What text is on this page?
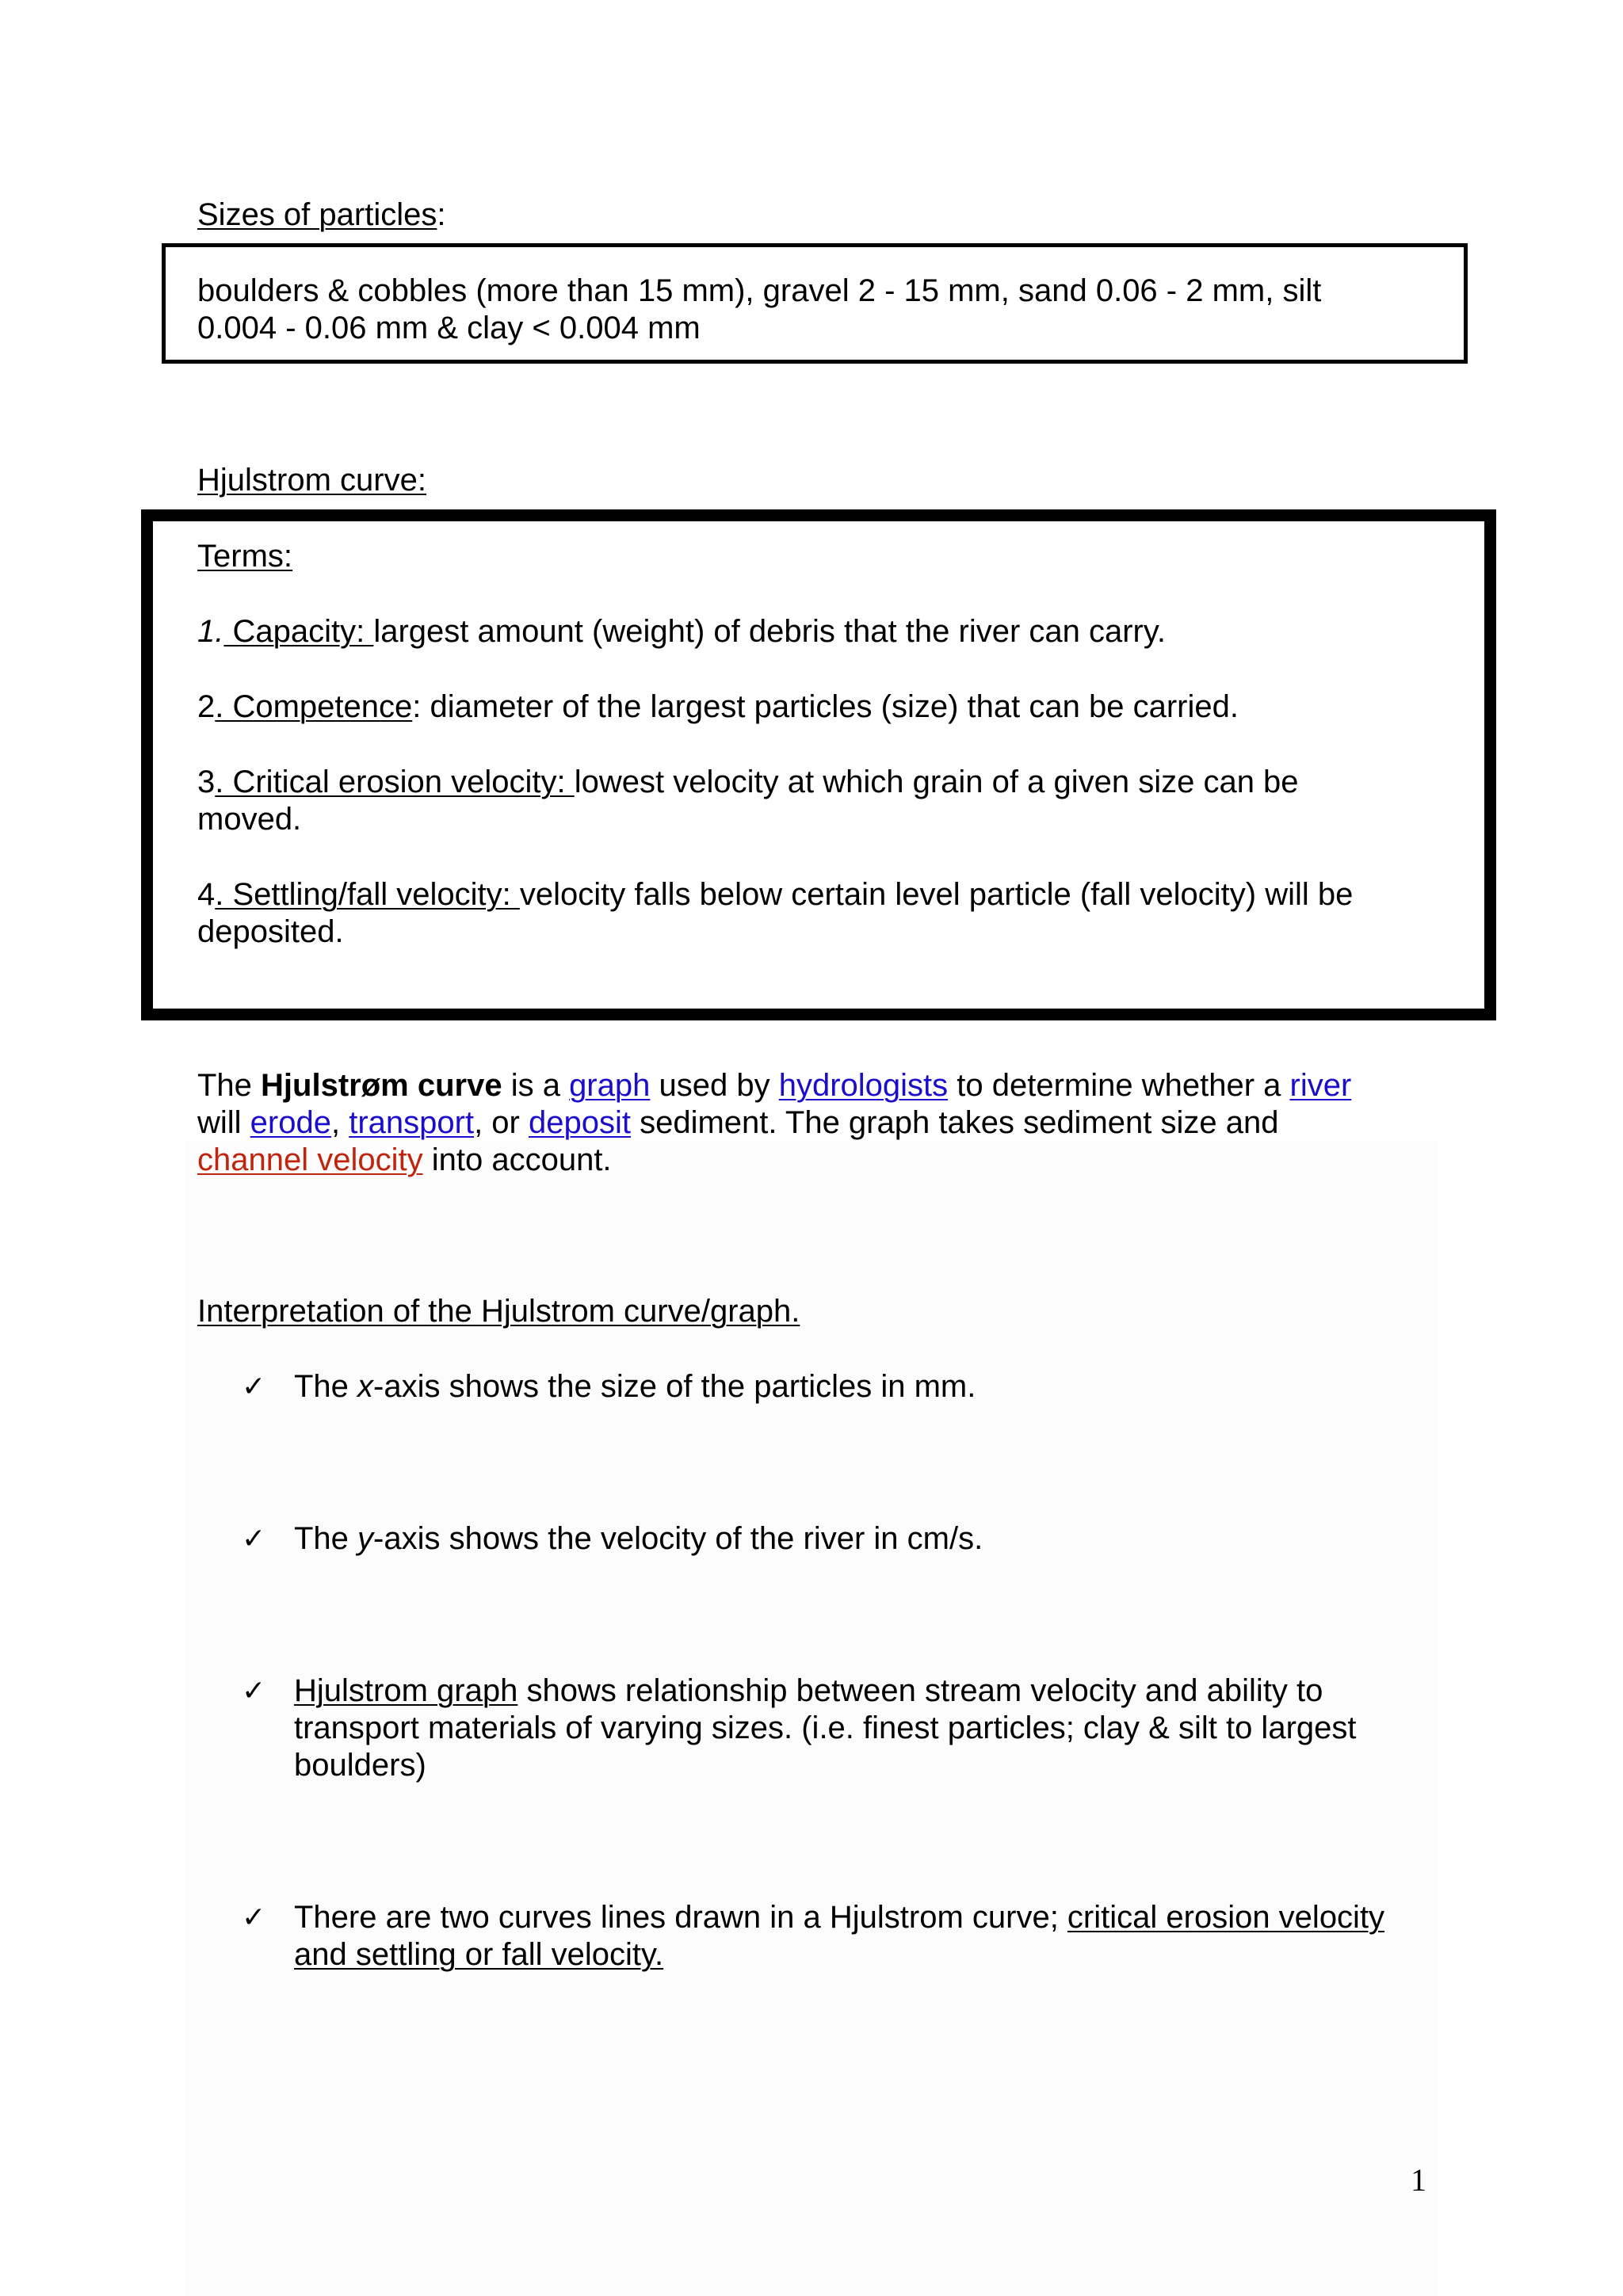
Sizes of particles:

boulders & cobbles (more than 15 mm), gravel 2 - 15 mm, sand 0.06 - 2 mm, silt

0.004 - 0.06 mm & clay < 0.004 mm

Hjulstrom curve:

Terms:

1. Capacity: largest amount (weight) of debris that the river can carry.

2. Competence: diameter of the largest particles (size) that can be carried.

3. Critical erosion velocity: lowest velocity at which grain of a given size can be

moved.

4. Settling/fall velocity: velocity falls below certain level particle (fall velocity) will be

deposited.

The Hjulstrøm curve is a graph used by hydrologists to determine whether a river

will erode, transport, or deposit sediment. The graph takes sediment size and

channel velocity into account.

Interpretation of the Hjulstrom curve/graph.

✓ The x-axis shows the size of the particles in mm.

✓ The y-axis shows the velocity of the river in cm/s.

✓ Hjulstrom graph shows relationship between stream velocity and ability to

transport materials of varying sizes. (i.e. finest particles; clay & silt to largest

boulders)

✓ There are two curves lines drawn in a Hjulstrom curve; critical erosion velocity

and settling or fall velocity.

1
